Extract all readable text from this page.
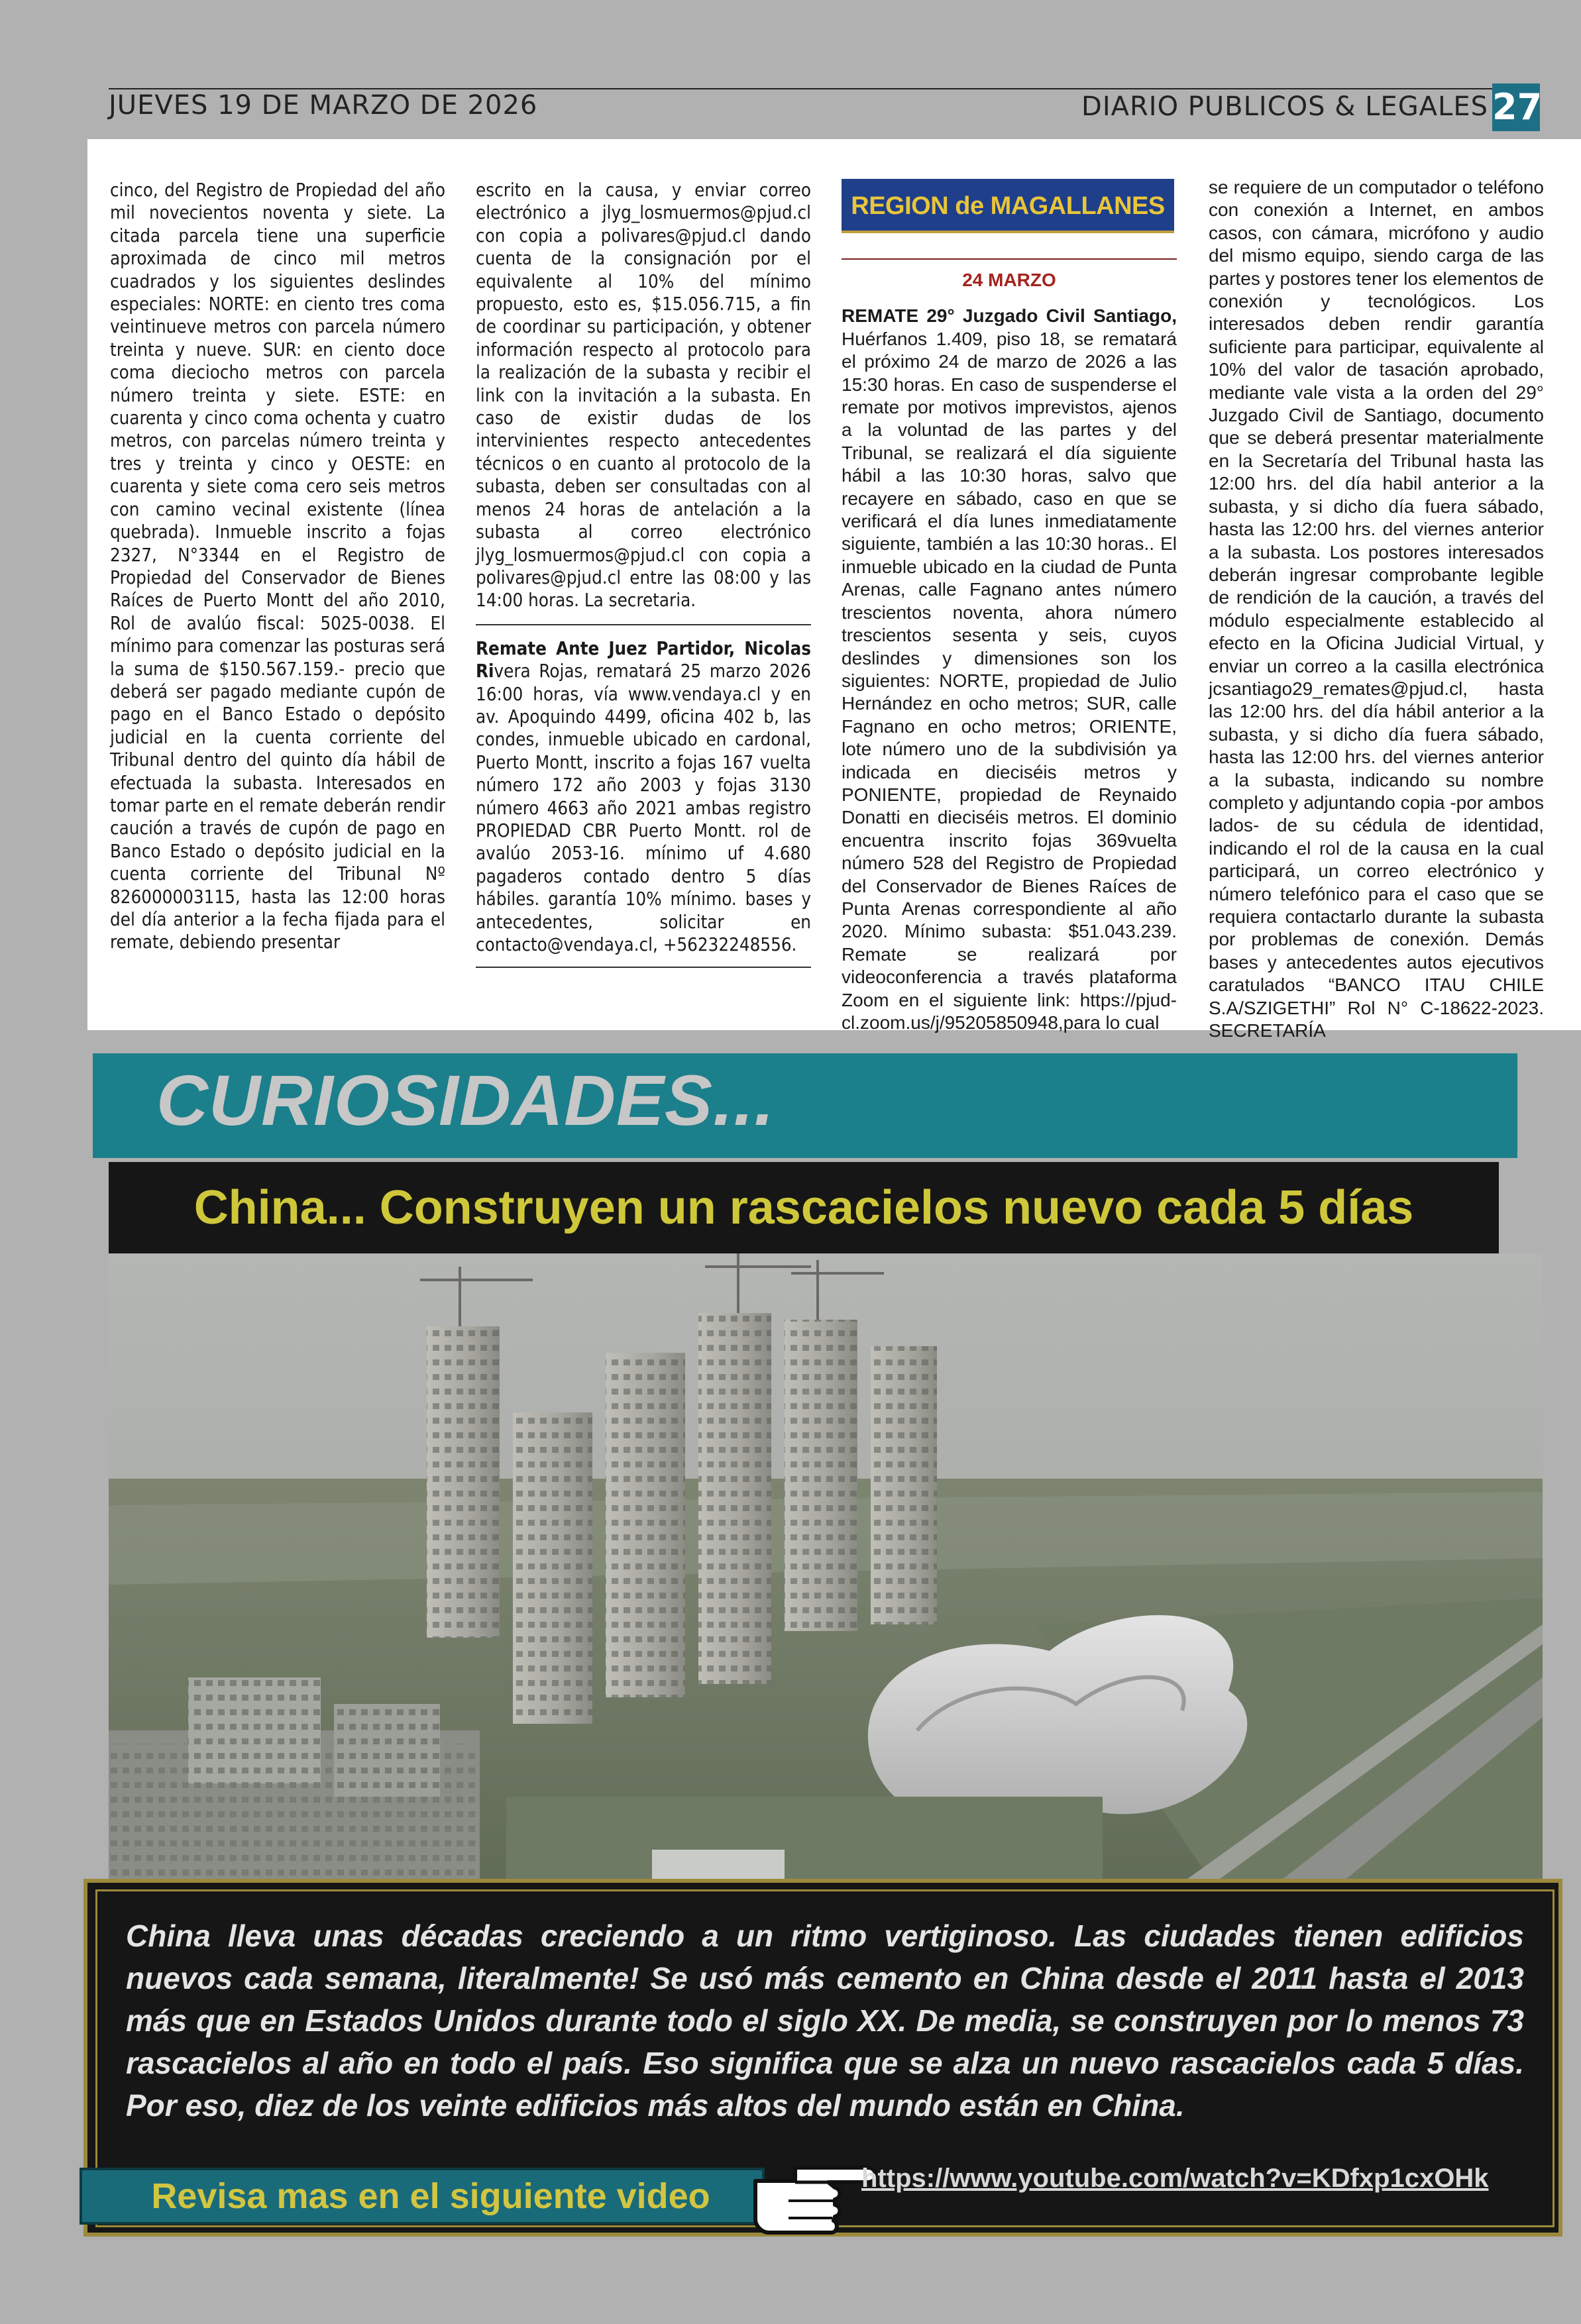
JUEVES 19 DE MARZO DE 2026	DIARIO PUBLICOS & LEGALES 27

cinco, del Registro de Propiedad del año mil novecientos noventa y siete. La citada parcela tiene una superficie aproximada de cinco mil metros cuadrados y los siguientes deslindes especiales: NORTE: en ciento tres coma veintinueve metros con parcela número treinta y nueve. SUR: en ciento doce coma dieciocho metros con parcela número treinta y siete. ESTE: en cuarenta y cinco coma ochenta y cuatro metros, con parcelas número treinta y tres y treinta y cinco y OESTE: en cuarenta y siete coma cero seis metros con camino vecinal existente (línea quebrada). Inmueble inscrito a fojas 2327, N°3344 en el Registro de Propiedad del Conservador de Bienes Raíces de Puerto Montt del año 2010, Rol de avalúo fiscal: 5025-0038. El mínimo para comenzar las posturas será la suma de $150.567.159.- precio que deberá ser pagado mediante cupón de pago en el Banco Estado o depósito judicial en la cuenta corriente del Tribunal dentro del quinto día hábil de efectuada la subasta. Interesados en tomar parte en el remate deberán rendir caución a través de cupón de pago en Banco Estado o depósito judicial en la cuenta corriente del Tribunal Nº 826000003115, hasta las 12:00 horas del día anterior a la fecha fijada para el remate, debiendo presentar

escrito en la causa, y enviar correo electrónico a jlyg_losmuermos@pjud.cl con copia a polivares@pjud.cl dando cuenta de la consignación por el equivalente al 10% del mínimo propuesto, esto es, $15.056.715, a fin de coordinar su participación, y obtener información respecto al protocolo para la realización de la subasta y recibir el link con la invitación a la subasta. En caso de existir dudas de los intervinientes respecto antecedentes técnicos o en cuanto al protocolo de la subasta, deben ser consultadas con al menos 24 horas de antelación a la subasta al correo electrónico jlyg_losmuermos@pjud.cl con copia a polivares@pjud.cl entre las 08:00 y las 14:00 horas. La secretaria.

Remate Ante Juez Partidor, Nicolas Rivera Rojas, rematará 25 marzo 2026 16:00 horas, vía www.vendaya.cl y en av. Apoquindo 4499, oficina 402 b, las condes, inmueble ubicado en cardonal, Puerto Montt, inscrito a fojas 167 vuelta número 172 año 2003 y fojas 3130 número 4663 año 2021 ambas registro PROPIEDAD CBR Puerto Montt. rol de avalúo 2053-16. mínimo uf 4.680 pagaderos contado dentro 5 días hábiles. garantía 10% mínimo. bases y antecedentes, solicitar en contacto@vendaya.cl, +56232248556.

REGION de MAGALLANES
24 MARZO

REMATE 29° Juzgado Civil Santiago, Huérfanos 1.409, piso 18, se rematará el próximo 24 de marzo de 2026 a las 15:30 horas. En caso de suspenderse el remate por motivos imprevistos, ajenos a la voluntad de las partes y del Tribunal, se realizará el día siguiente hábil a las 10:30 horas, salvo que recayere en sábado, caso en que se verificará el día lunes inmediatamente siguiente, también a las 10:30 horas.. El inmueble ubicado en la ciudad de Punta Arenas, calle Fagnano antes número trescientos noventa, ahora número trescientos sesenta y seis, cuyos deslindes y dimensiones son los siguientes: NORTE, propiedad de Julio Hernández en ocho metros; SUR, calle Fagnano en ocho metros; ORIENTE, lote número uno de la subdivisión ya indicada en dieciséis metros y PONIENTE, propiedad de Reynaido Donatti en dieciséis metros. El dominio encuentra inscrito fojas 369vuelta número 528 del Registro de Propiedad del Conservador de Bienes Raíces de Punta Arenas correspondiente al año 2020. Mínimo subasta: $51.043.239. Remate se realizará por videoconferencia a través plataforma Zoom en el siguiente link: https://pjud-cl.zoom.us/j/95205850948,para lo cual

se requiere de un computador o teléfono con conexión a Internet, en ambos casos, con cámara, micrófono y audio del mismo equipo, siendo carga de las partes y postores tener los elementos de conexión y tecnológicos. Los interesados deben rendir garantía suficiente para participar, equivalente al 10% del valor de tasación aprobado, mediante vale vista a la orden del 29° Juzgado Civil de Santiago, documento que se deberá presentar materialmente en la Secretaría del Tribunal hasta las 12:00 hrs. del día habil anterior a la subasta, y si dicho día fuera sábado, hasta las 12:00 hrs. del viernes anterior a la subasta. Los postores interesados deberán ingresar comprobante legible de rendición de la caución, a través del módulo especialmente establecido al efecto en la Oficina Judicial Virtual, y enviar un correo a la casilla electrónica jcsantiago29_remates@pjud.cl, hasta las 12:00 hrs. del día hábil anterior a la subasta, y si dicho día fuera sábado, hasta las 12:00 hrs. del viernes anterior a la subasta, indicando su nombre completo y adjuntando copia -por ambos lados- de su cédula de identidad, indicando el rol de la causa en la cual participará, un correo electrónico y número telefónico para el caso que se requiera contactarlo durante la subasta por problemas de conexión. Demás bases y antecedentes autos ejecutivos caratulados “BANCO ITAU CHILE S.A/SZIGETHI” Rol N° C-18622-2023. SECRETARÍA

CURIOSIDADES...
China... Construyen un rascacielos nuevo cada 5 días

China lleva unas décadas creciendo a un ritmo vertiginoso. Las ciudades tienen edificios nuevos cada semana, literalmente! Se usó más cemento en China desde el 2011 hasta el 2013 más que en Estados Unidos durante todo el siglo XX. De media, se construyen por lo menos 73 rascacielos al año en todo el país. Eso significa que se alza un nuevo rascacielos cada 5 días. Por eso, diez de los veinte edificios más altos del mundo están en China.

Revisa mas en el siguiente video	https://www.youtube.com/watch?v=KDfxp1cxOHk
